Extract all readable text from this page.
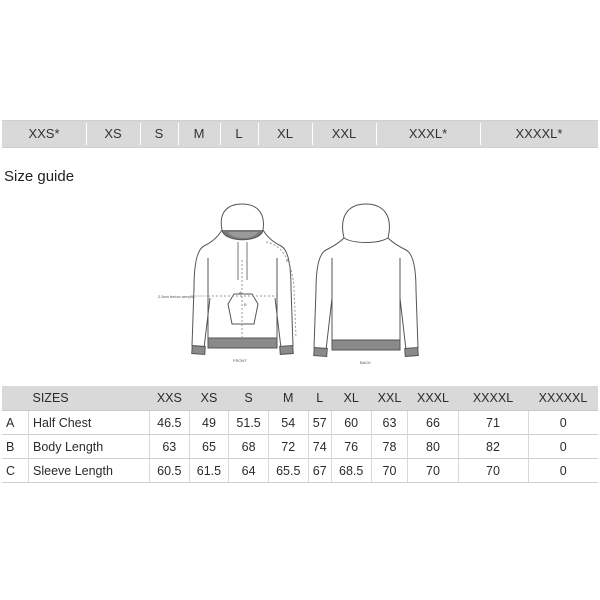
XXS*	XS	S	M	L	XL	XXL	XXXL*	XXXXL*
Size guide
2.5cm below armpits
FRONT	BACK
A
B
C
	SIZES	XXS	XS	S	M	L	XL	XXL	XXXL	XXXXL	XXXXXL
A	Half Chest	46.5	49	51.5	54	57	60	63	66	71	0
B	Body Length	63	65	68	72	74	76	78	80	82	0
C	Sleeve Length	60.5	61.5	64	65.5	67	68.5	70	70	70	0
